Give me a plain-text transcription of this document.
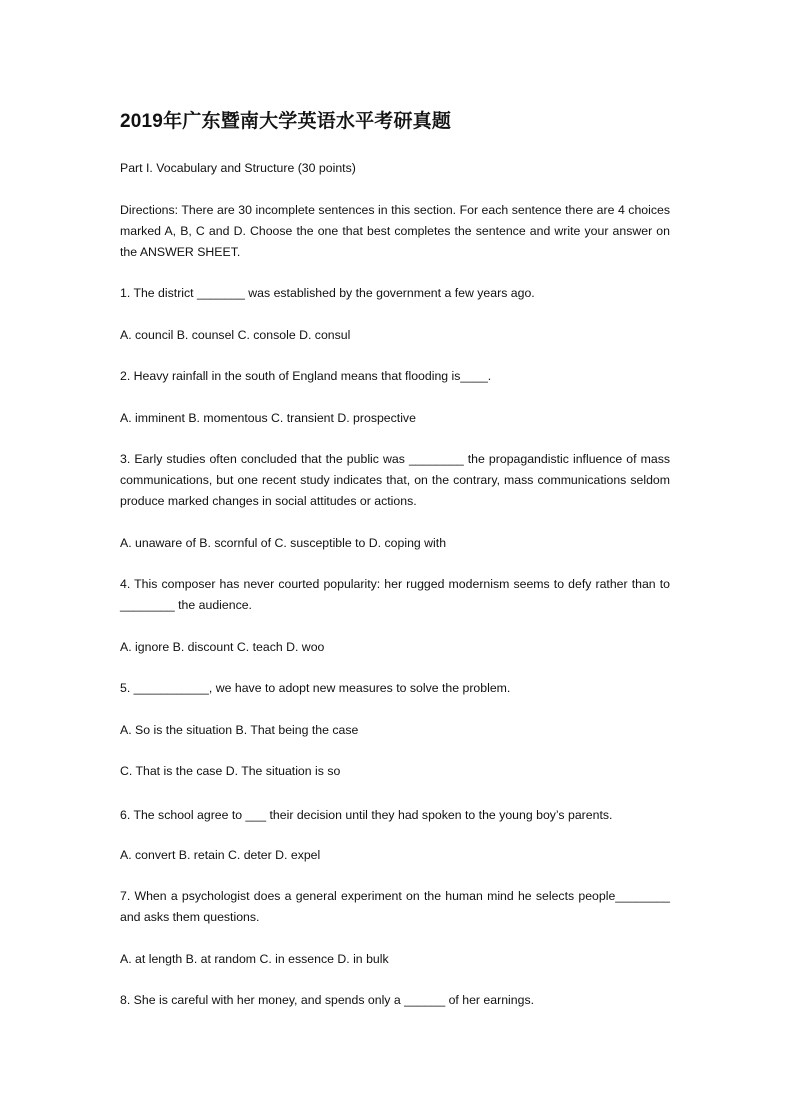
2019年广东暨南大学英语水平考研真题
Part I. Vocabulary and Structure (30 points)
Directions: There are 30 incomplete sentences in this section. For each sentence there are 4 choices marked A, B, C and D. Choose the one that best completes the sentence and write your answer on the ANSWER SHEET.
1. The district _______ was established by the government a few years ago.
A. council B. counsel C. console D. consul
2. Heavy rainfall in the south of England means that flooding is____.
A. imminent B. momentous C. transient D. prospective
3. Early studies often concluded that the public was ________ the propagandistic influence of mass communications, but one recent study indicates that, on the contrary, mass communications seldom produce marked changes in social attitudes or actions.
A. unaware of B. scornful of C. susceptible to D. coping with
4. This composer has never courted popularity: her rugged modernism seems to defy rather than to ________ the audience.
A. ignore B. discount C. teach D. woo
5. ___________, we have to adopt new measures to solve the problem.
A. So is the situation B. That being the case
C. That is the case D. The situation is so
6. The school agree to ___ their decision until they had spoken to the young boy’s parents.
A. convert B. retain C. deter D. expel
7. When a psychologist does a general experiment on the human mind he selects people________ and asks them questions.
A. at length B. at random C. in essence D. in bulk
8. She is careful with her money, and spends only a ______ of her earnings.
